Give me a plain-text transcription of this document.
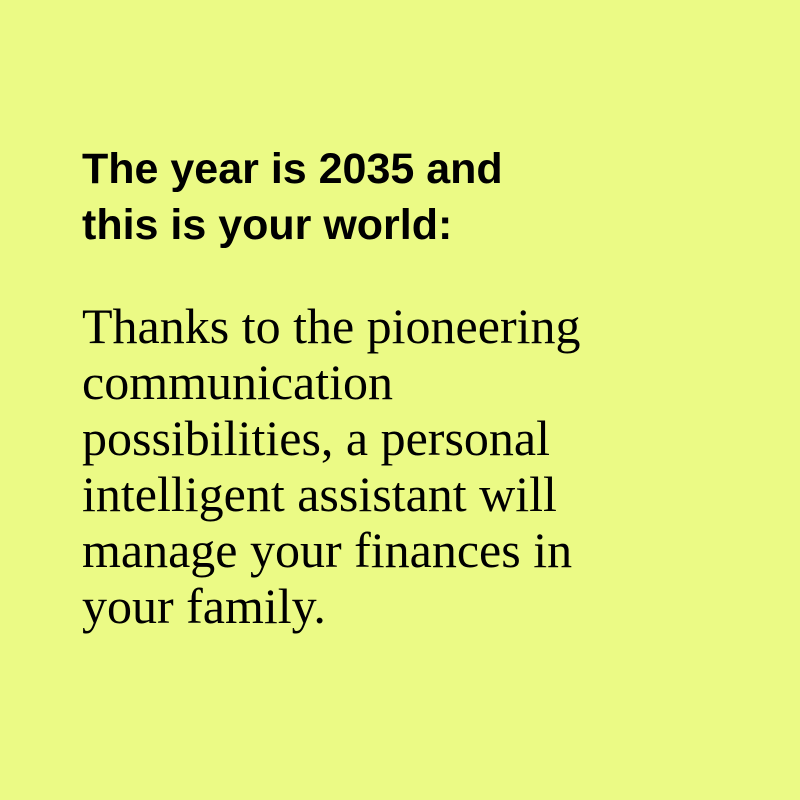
The year is 2035 and
this is your world:

Thanks to the pioneering
communication
possibilities, a personal
intelligent assistant will
manage your finances in
your family.
